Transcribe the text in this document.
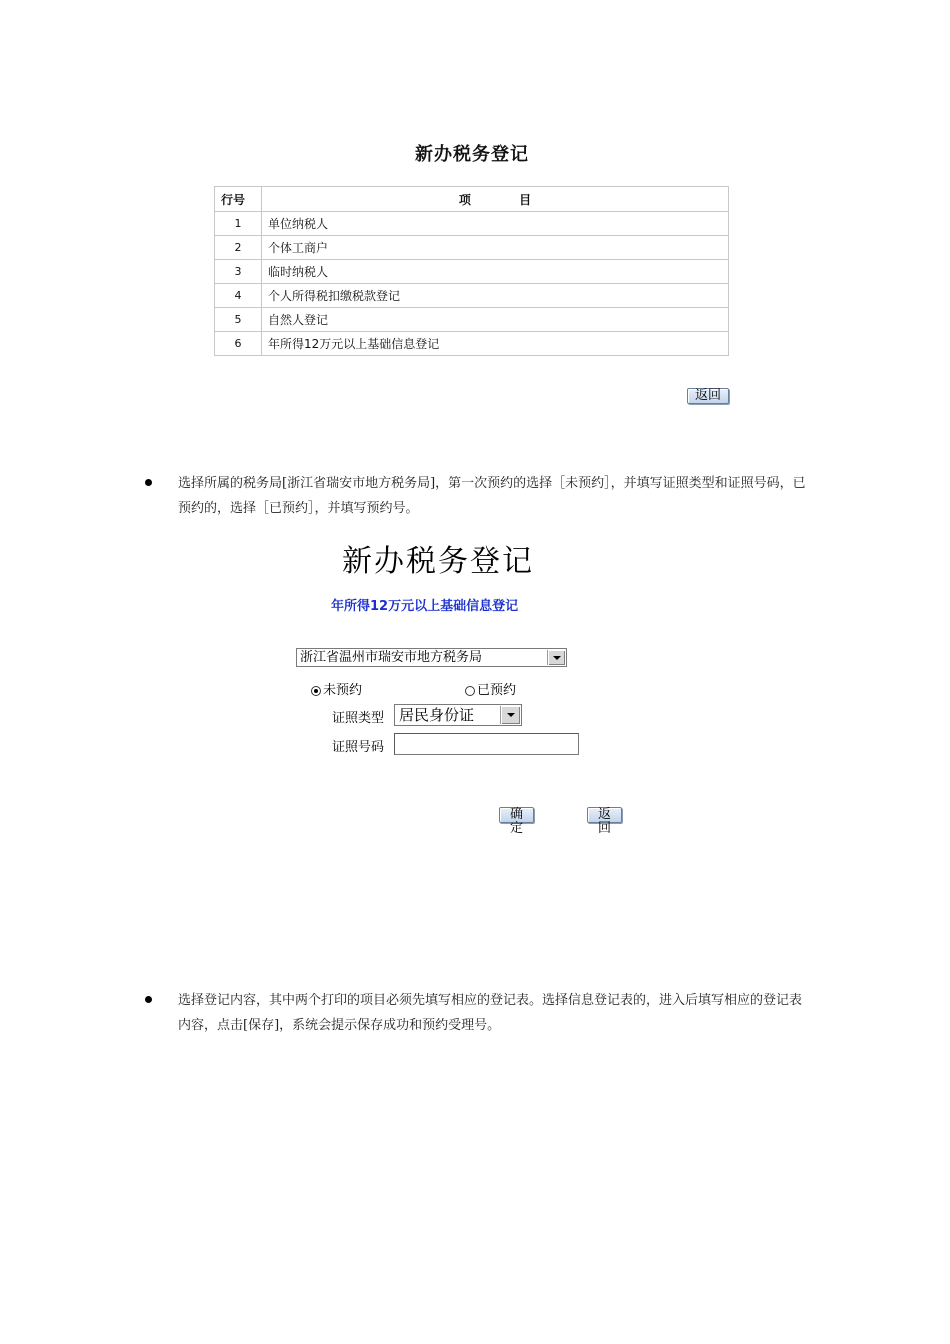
新办税务登记
行号	项 目
1	单位纳税人
2	个体工商户
3	临时纳税人
4	个人所得税扣缴税款登记
5	自然人登记
6	年所得12万元以上基础信息登记
返回
选择所属的税务局[浙江省瑞安市地方税务局]，第一次预约的选择［未预约］，并填写证照类型和证照号码，已预约的，选择［已预约］，并填写预约号。
新办税务登记
年所得12万元以上基础信息登记
浙江省温州市瑞安市地方税务局
未预约	已预约
证照类型 居民身份证
证照号码
确定
返回
选择登记内容，其中两个打印的项目必须先填写相应的登记表。选择信息登记表的，进入后填写相应的登记表内容，点击[保存]，系统会提示保存成功和预约受理号。
